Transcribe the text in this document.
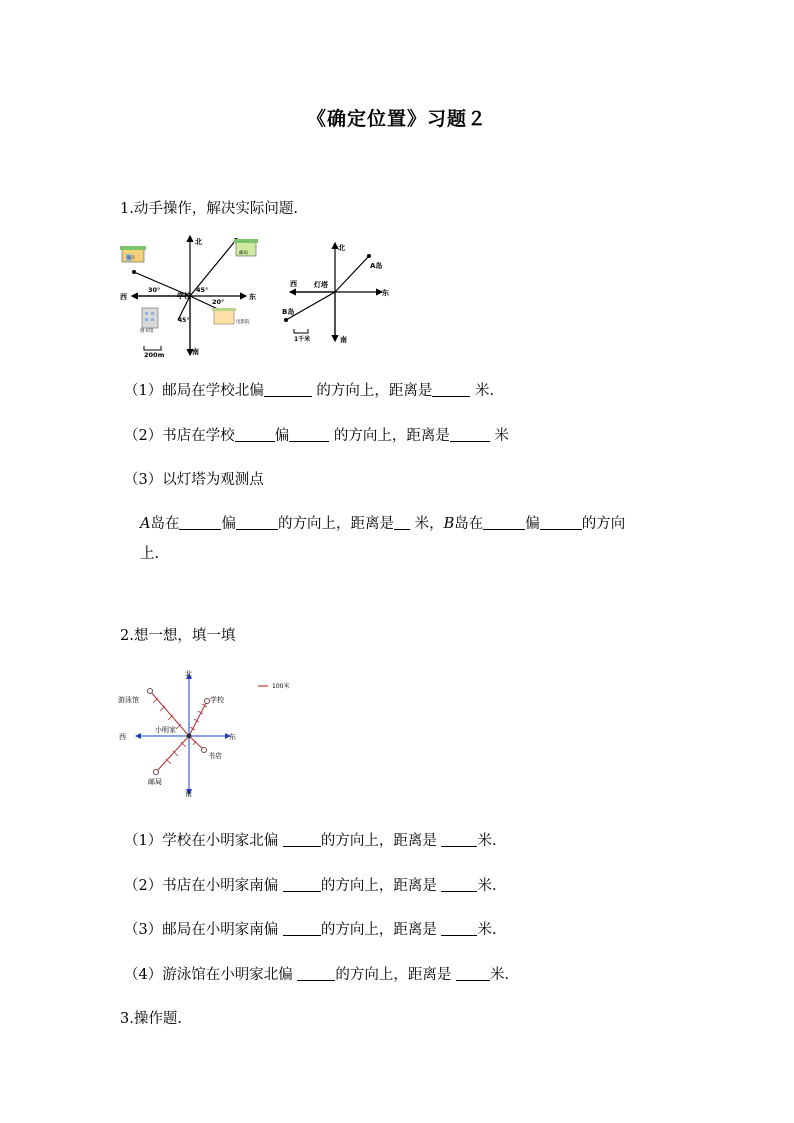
《确定位置》习题２
1.动手操作，解决实际问题.
北
南
东
西	学校
书店
邮局
图书馆
电影院
30°	45°
45°
20°
200m
北
南
东
西 灯塔
A岛
B岛
1千米
（1）邮局在学校北偏	的方向上，距离是	米.
（2）书店在学校	偏	的方向上，距离是	米
（3）以灯塔为观测点
A岛在	偏	的方向上，距离是 米，B岛在	偏	的方向
上.
2.想一想，填一填
100米
北
南
东
西
小明家
学校
游泳馆
邮局
书店
（1）学校在小明家北偏	的方向上，距离是	米.
（2）书店在小明家南偏	的方向上，距离是	米.
（3）邮局在小明家南偏	的方向上，距离是	米.
（4）游泳馆在小明家北偏	的方向上，距离是	米.
3.操作题.
